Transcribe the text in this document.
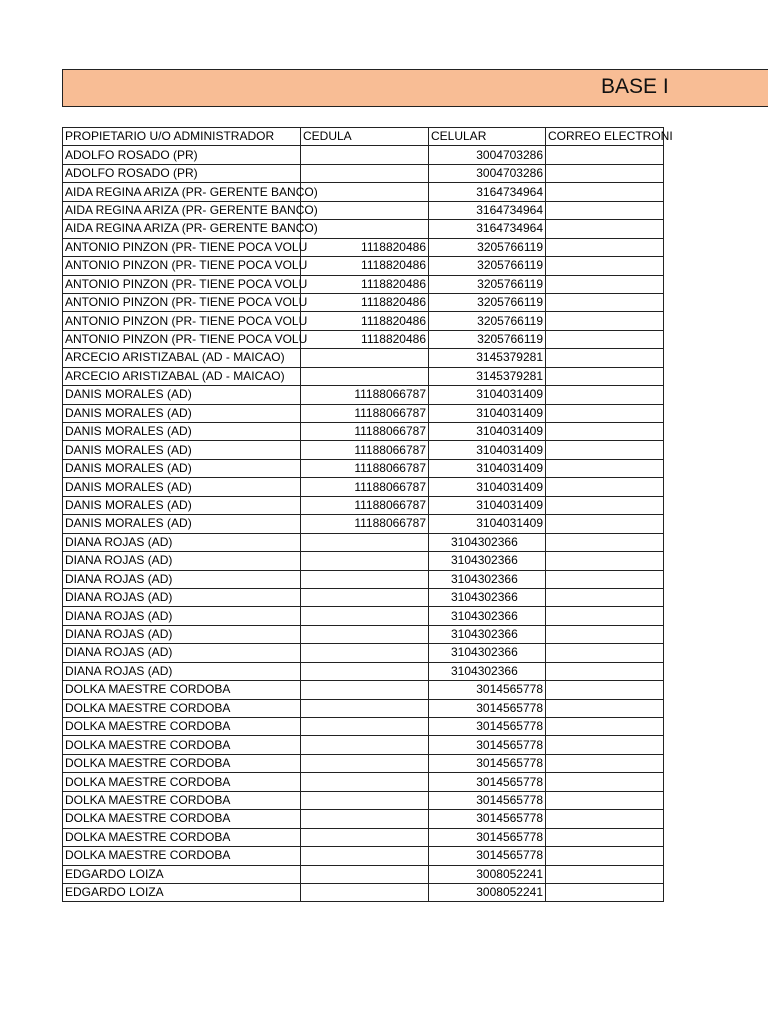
BASE I
PROPIETARIO U/O ADMINISTRADOR	CEDULA	CELULAR	CORREO ELECTRONI
ADOLFO ROSADO (PR)		3004703286	
ADOLFO ROSADO (PR)		3004703286	
AIDA REGINA ARIZA (PR- GERENTE BANCO)		3164734964	
AIDA REGINA ARIZA (PR- GERENTE BANCO)		3164734964	
AIDA REGINA ARIZA (PR- GERENTE BANCO)		3164734964	
ANTONIO PINZON (PR- TIENE POCA VOLU	1118820486	3205766119	
ANTONIO PINZON (PR- TIENE POCA VOLU	1118820486	3205766119	
ANTONIO PINZON (PR- TIENE POCA VOLU	1118820486	3205766119	
ANTONIO PINZON (PR- TIENE POCA VOLU	1118820486	3205766119	
ANTONIO PINZON (PR- TIENE POCA VOLU	1118820486	3205766119	
ANTONIO PINZON (PR- TIENE POCA VOLU	1118820486	3205766119	
ARCECIO ARISTIZABAL (AD - MAICAO)		3145379281	
ARCECIO ARISTIZABAL (AD - MAICAO)		3145379281	
DANIS MORALES (AD)	11188066787	3104031409	
DANIS MORALES (AD)	11188066787	3104031409	
DANIS MORALES (AD)	11188066787	3104031409	
DANIS MORALES (AD)	11188066787	3104031409	
DANIS MORALES (AD)	11188066787	3104031409	
DANIS MORALES (AD)	11188066787	3104031409	
DANIS MORALES (AD)	11188066787	3104031409	
DANIS MORALES (AD)	11188066787	3104031409	
DIANA ROJAS (AD)		3104302366	
DIANA ROJAS (AD)		3104302366	
DIANA ROJAS (AD)		3104302366	
DIANA ROJAS (AD)		3104302366	
DIANA ROJAS (AD)		3104302366	
DIANA ROJAS (AD)		3104302366	
DIANA ROJAS (AD)		3104302366	
DIANA ROJAS (AD)		3104302366	
DOLKA MAESTRE CORDOBA		3014565778	
DOLKA MAESTRE CORDOBA		3014565778	
DOLKA MAESTRE CORDOBA		3014565778	
DOLKA MAESTRE CORDOBA		3014565778	
DOLKA MAESTRE CORDOBA		3014565778	
DOLKA MAESTRE CORDOBA		3014565778	
DOLKA MAESTRE CORDOBA		3014565778	
DOLKA MAESTRE CORDOBA		3014565778	
DOLKA MAESTRE CORDOBA		3014565778	
DOLKA MAESTRE CORDOBA		3014565778	
EDGARDO LOIZA		3008052241	
EDGARDO LOIZA		3008052241	
